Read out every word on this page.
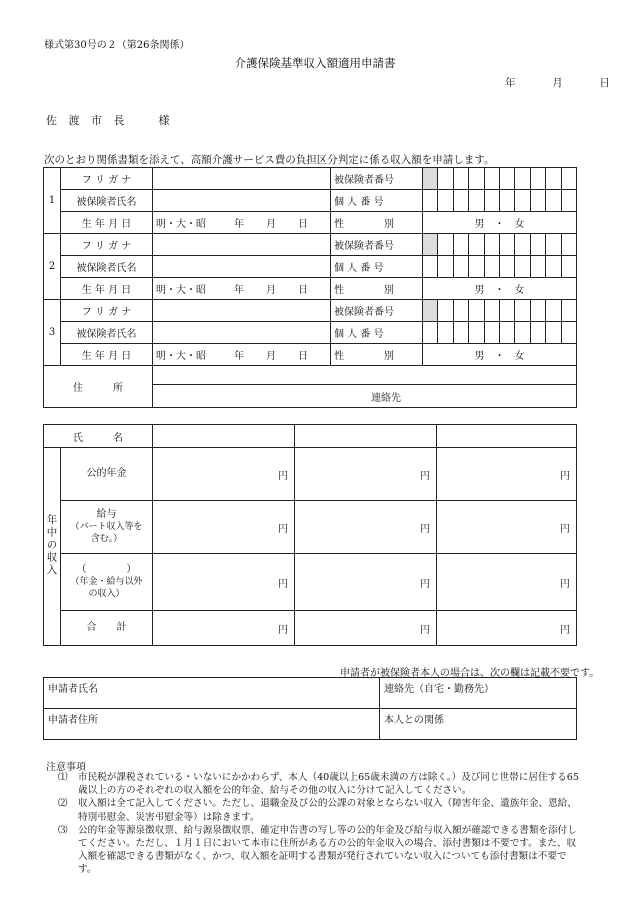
様式第30号の２（第26条関係）
介護保険基準収入額適用申請書
年	月	日
佐 渡 市 長　　様
次のとおり関係書類を添えて、高額介護サービス費の負担区分判定に係る収入額を申請します。
1	フ リ ガ ナ		被保険者番号	

	被保険者氏名		個 人 番 号	

	生 年 月 日	明・大・昭 年 月 日	性　　　　別	男　・　女
2	フ リ ガ ナ		被保険者番号	

	被保険者氏名		個 人 番 号	

	生 年 月 日	明・大・昭 年 月 日	性　　　　別	男　・　女
3	フ リ ガ ナ		被保険者番号	

	被保険者氏名		個 人 番 号	

	生 年 月 日	明・大・昭 年 月 日	性　　　　別	男　・　女
住　　　所				
		連絡先		
氏　　　名				
年中の収入	公的年金	円	円	円

	給与
（パート収入等を含む。）	円	円	円

	（　　　　）
（年金・給与以外の収入）	円	円	円

	合　　計	円	円	円
申請者が被保険者本人の場合は、次の欄は記載不要です。
申請者氏名	連絡先（自宅・勤務先）
申請者住所	本人との関係
注意事項
⑴	市民税が課税されている・いないにかかわらず、本人（40歳以上65歳未満の方は除く。）及び同じ世帯に居住する65歳以上の方のそれぞれの収入額を公的年金、給与その他の収入に分けて記入してください。
⑵	収入額は全て記入してください。ただし、退職金及び公的公課の対象とならない収入（障害年金、遺族年金、恩給、特別弔慰金、災害弔慰金等）は除きます。
⑶	公的年金等源泉徴収票、給与源泉徴収票、確定申告書の写し等の公的年金及び給与収入額が確認できる書類を添付してください。ただし、１月１日において本市に住所がある方の公的年金収入の場合、添付書類は不要です。また、収入額を確認できる書類がなく、かつ、収入額を証明する書類が発行されていない収入についても添付書類は不要です。
